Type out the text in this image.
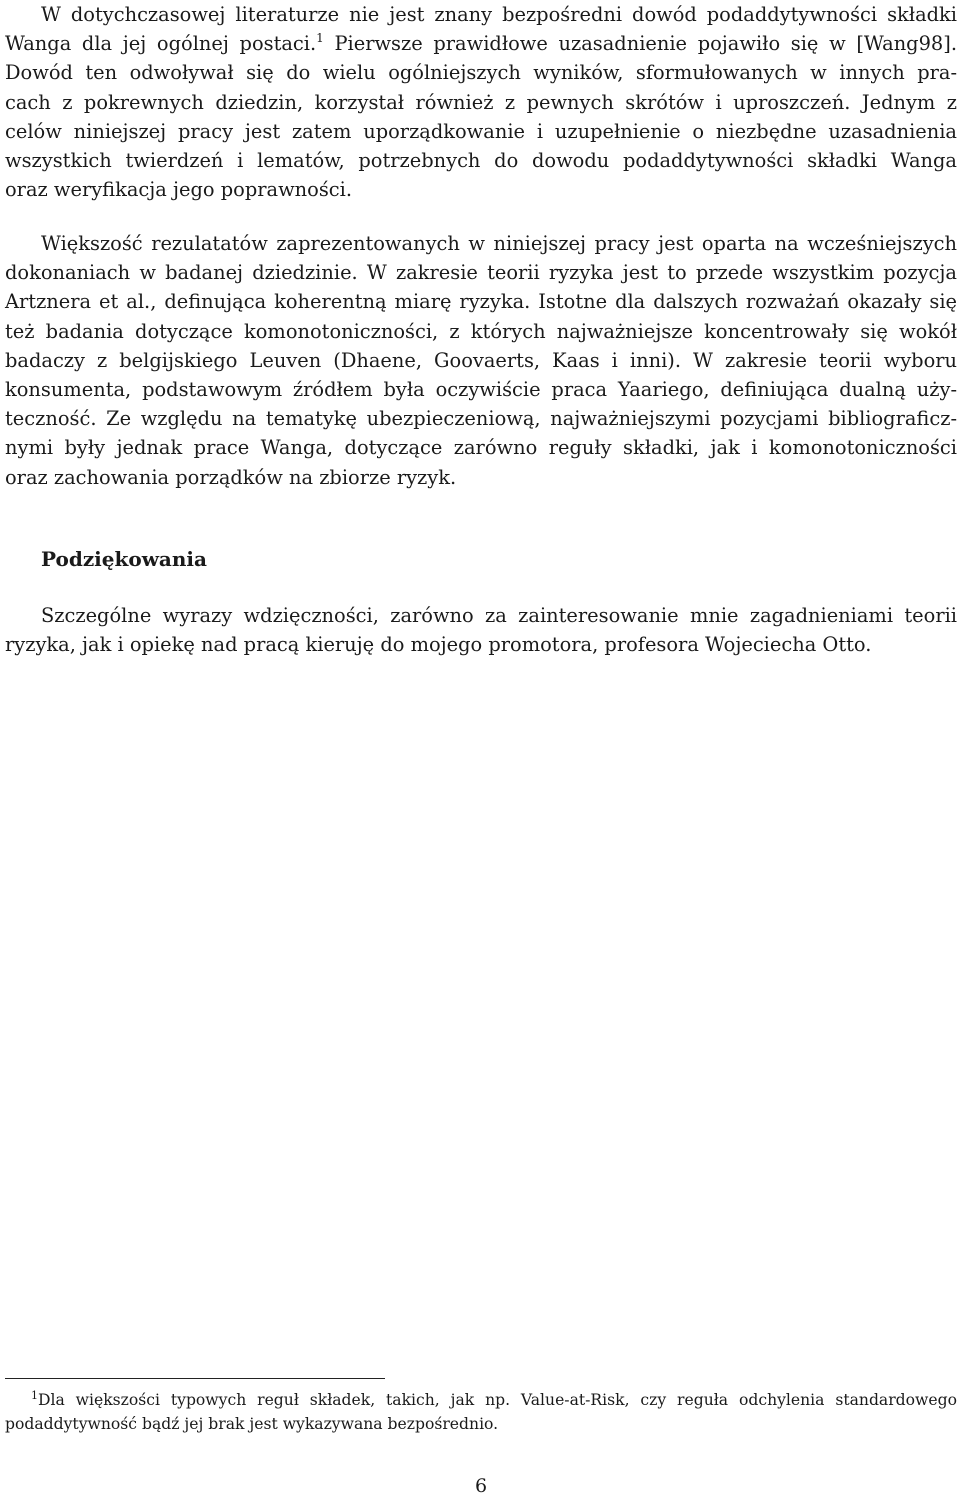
W dotychczasowej literaturze nie jest znany bezpośredni dowód podaddytywności składki
Wanga dla jej ogólnej postaci.$^1$ Pierwsze prawidłowe uzasadnienie pojawiło się w [Wang98].
Dowód ten odwoływał się do wielu ogólniejszych wyników, sformułowanych w innych pra-
cach z pokrewnych dziedzin, korzystał również z pewnych skrótów i uproszczeń. Jednym z
celów niniejszej pracy jest zatem uporządkowanie i uzupełnienie o niezbędne uzasadnienia
wszystkich twierdzeń i lematów, potrzebnych do dowodu podaddytywności składki Wanga
oraz weryfikacja jego poprawności.
Większość rezulatatów zaprezentowanych w niniejszej pracy jest oparta na wcześniejszych
dokonaniach w badanej dziedzinie. W zakresie teorii ryzyka jest to przede wszystkim pozycja
Artznera et al., definująca koherentną miarę ryzyka. Istotne dla dalszych rozważań okazały się
też badania dotyczące komonotoniczności, z których najważniejsze koncentrowały się wokół
badaczy z belgijskiego Leuven (Dhaene, Goovaerts, Kaas i inni). W zakresie teorii wyboru
konsumenta, podstawowym źródłem była oczywiście praca Yaariego, definiująca dualną uży-
teczność. Ze względu na tematykę ubezpieczeniową, najważniejszymi pozycjami bibliograficz-
nymi były jednak prace Wanga, dotyczące zarówno reguły składki, jak i komonotoniczności
oraz zachowania porządków na zbiorze ryzyk.
Podziękowania
Szczególne wyrazy wdzięczności, zarówno za zainteresowanie mnie zagadnieniami teorii
ryzyka, jak i opiekę nad pracą kieruję do mojego promotora, profesora Wojeciecha Otto.
$^1$Dla większości typowych reguł składek, takich, jak np. Value-at-Risk, czy reguła odchylenia standardowego
podaddytywność bądź jej brak jest wykazywana bezpośrednio.
6
